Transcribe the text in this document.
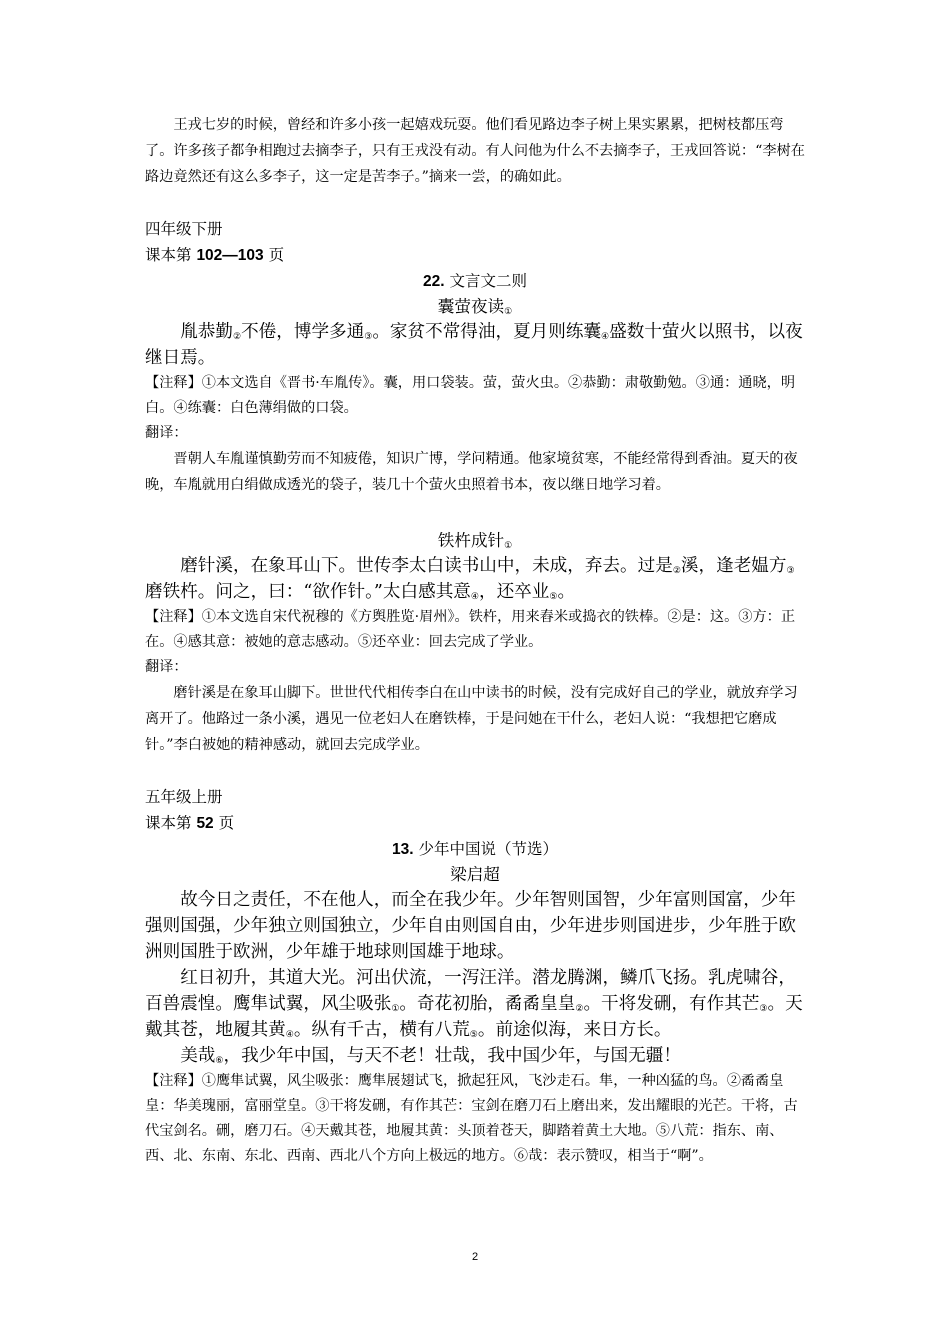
王戎七岁的时候，曾经和许多小孩一起嬉戏玩耍。他们看见路边李子树上果实累累，把树枝都压弯了。许多孩子都争相跑过去摘李子，只有王戎没有动。有人问他为什么不去摘李子，王戎回答说：“李树在路边竟然还有这么多李子，这一定是苦李子。”摘来一尝，的确如此。

四年级下册

课本第 102—103 页

22. 文言文二则

囊萤夜读$_①$

胤恭勤$_②$不倦，博学多通$_③$。家贫不常得油，夏月则练囊$_④$盛数十萤火以照书，以夜继日焉。

【注释】①本文选自《晋书·车胤传》。囊，用口袋装。萤，萤火虫。②恭勤：肃敬勤勉。③通：通晓，明白。④练囊：白色薄绢做的口袋。

翻译：

晋朝人车胤谨慎勤劳而不知疲倦，知识广博，学问精通。他家境贫寒，不能经常得到香油。夏天的夜晚，车胤就用白绢做成透光的袋子，装几十个萤火虫照着书本，夜以继日地学习着。

铁杵成针$_①$

磨针溪，在象耳山下。世传李太白读书山中，未成，弃去。过是$_②$溪，逢老媪方$_③$磨铁杵。问之，曰：“欲作针。”太白感其意$_④$，还卒业$_⑤$。

【注释】①本文选自宋代祝穆的《方舆胜览·眉州》。铁杵，用来舂米或捣衣的铁棒。②是：这。③方：正在。④感其意：被她的意志感动。⑤还卒业：回去完成了学业。

翻译：

磨针溪是在象耳山脚下。世世代代相传李白在山中读书的时候，没有完成好自己的学业，就放弃学习离开了。他路过一条小溪，遇见一位老妇人在磨铁棒，于是问她在干什么，老妇人说：“我想把它磨成针。”李白被她的精神感动，就回去完成学业。

五年级上册

课本第 52 页

13. 少年中国说（节选）

梁启超

故今日之责任，不在他人，而全在我少年。少年智则国智，少年富则国富，少年强则国强，少年独立则国独立，少年自由则国自由，少年进步则国进步，少年胜于欧洲则国胜于欧洲，少年雄于地球则国雄于地球。

红日初升，其道大光。河出伏流，一泻汪洋。潜龙腾渊，鳞爪飞扬。乳虎啸谷，百兽震惶。鹰隼试翼，风尘吸张$_①$。奇花初胎，矞矞皇皇$_②$。干将发硎，有作其芒$_③$。天戴其苍，地履其黄$_④$。纵有千古，横有八荒$_⑤$。前途似海，来日方长。

美哉$_⑥$，我少年中国，与天不老！壮哉，我中国少年，与国无疆！

【注释】①鹰隼试翼，风尘吸张：鹰隼展翅试飞，掀起狂风，飞沙走石。隼，一种凶猛的鸟。②矞矞皇皇：华美瑰丽，富丽堂皇。③干将发硎，有作其芒：宝剑在磨刀石上磨出来，发出耀眼的光芒。干将，古代宝剑名。硎，磨刀石。④天戴其苍，地履其黄：头顶着苍天，脚踏着黄土大地。⑤八荒：指东、南、西、北、东南、东北、西南、西北八个方向上极远的地方。⑥哉：表示赞叹，相当于“啊”。

2
